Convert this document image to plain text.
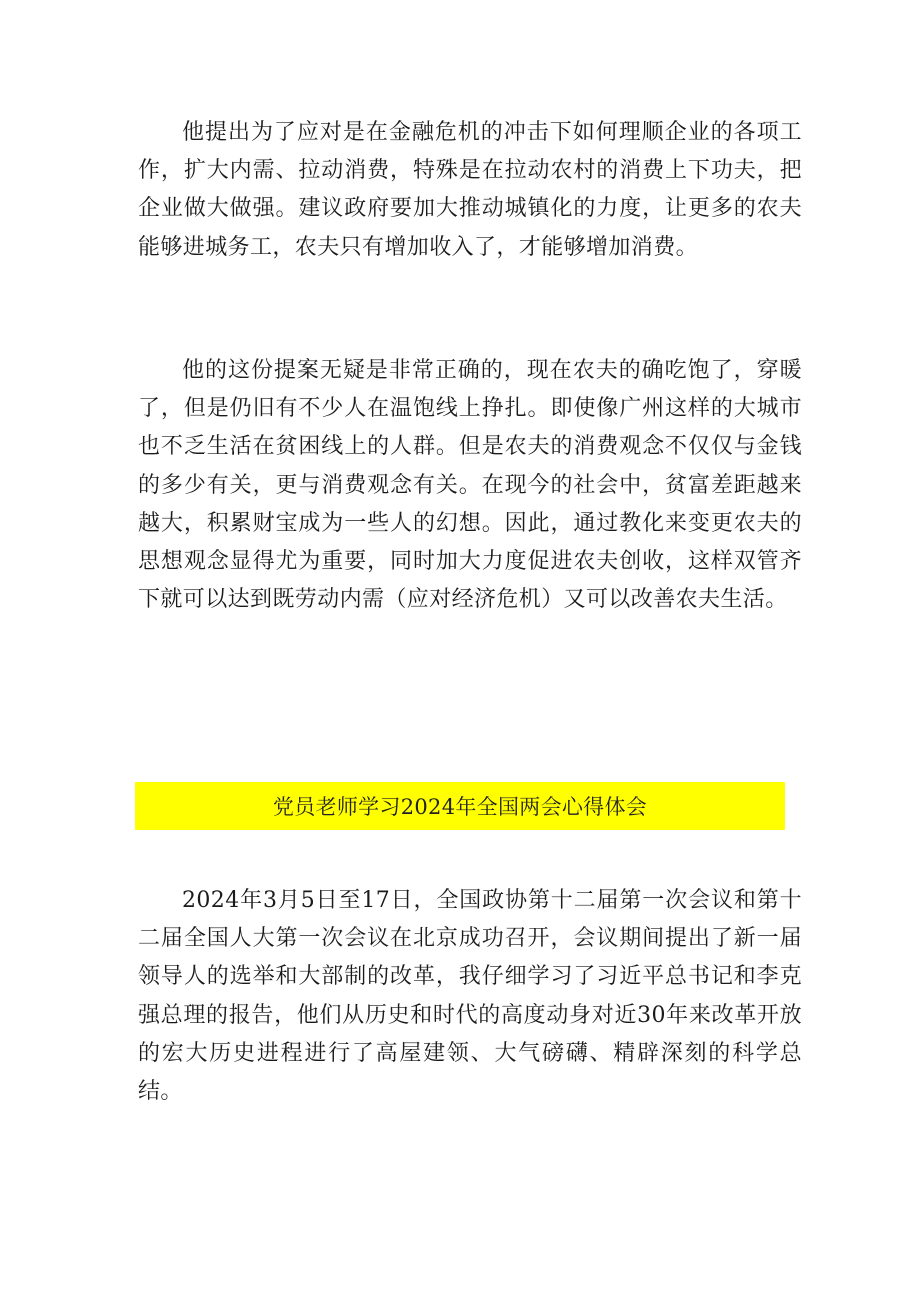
他提出为了应对是在金融危机的冲击下如何理顺企业的各项工作，扩大内需、拉动消费，特殊是在拉动农村的消费上下功夫，把企业做大做强。建议政府要加大推动城镇化的力度，让更多的农夫能够进城务工，农夫只有增加收入了，才能够增加消费。

他的这份提案无疑是非常正确的，现在农夫的确吃饱了，穿暖了，但是仍旧有不少人在温饱线上挣扎。即使像广州这样的大城市也不乏生活在贫困线上的人群。但是农夫的消费观念不仅仅与金钱的多少有关，更与消费观念有关。在现今的社会中，贫富差距越来越大，积累财宝成为一些人的幻想。因此，通过教化来变更农夫的思想观念显得尤为重要，同时加大力度促进农夫创收，这样双管齐下就可以达到既劳动内需（应对经济危机）又可以改善农夫生活。

党员老师学习2024年全国两会心得体会

2024年3月5日至17日，全国政协第十二届第一次会议和第十二届全国人大第一次会议在北京成功召开，会议期间提出了新一届领导人的选举和大部制的改革，我仔细学习了习近平总书记和李克强总理的报告，他们从历史和时代的高度动身对近30年来改革开放的宏大历史进程进行了高屋建领、大气磅礴、精辟深刻的科学总结。
